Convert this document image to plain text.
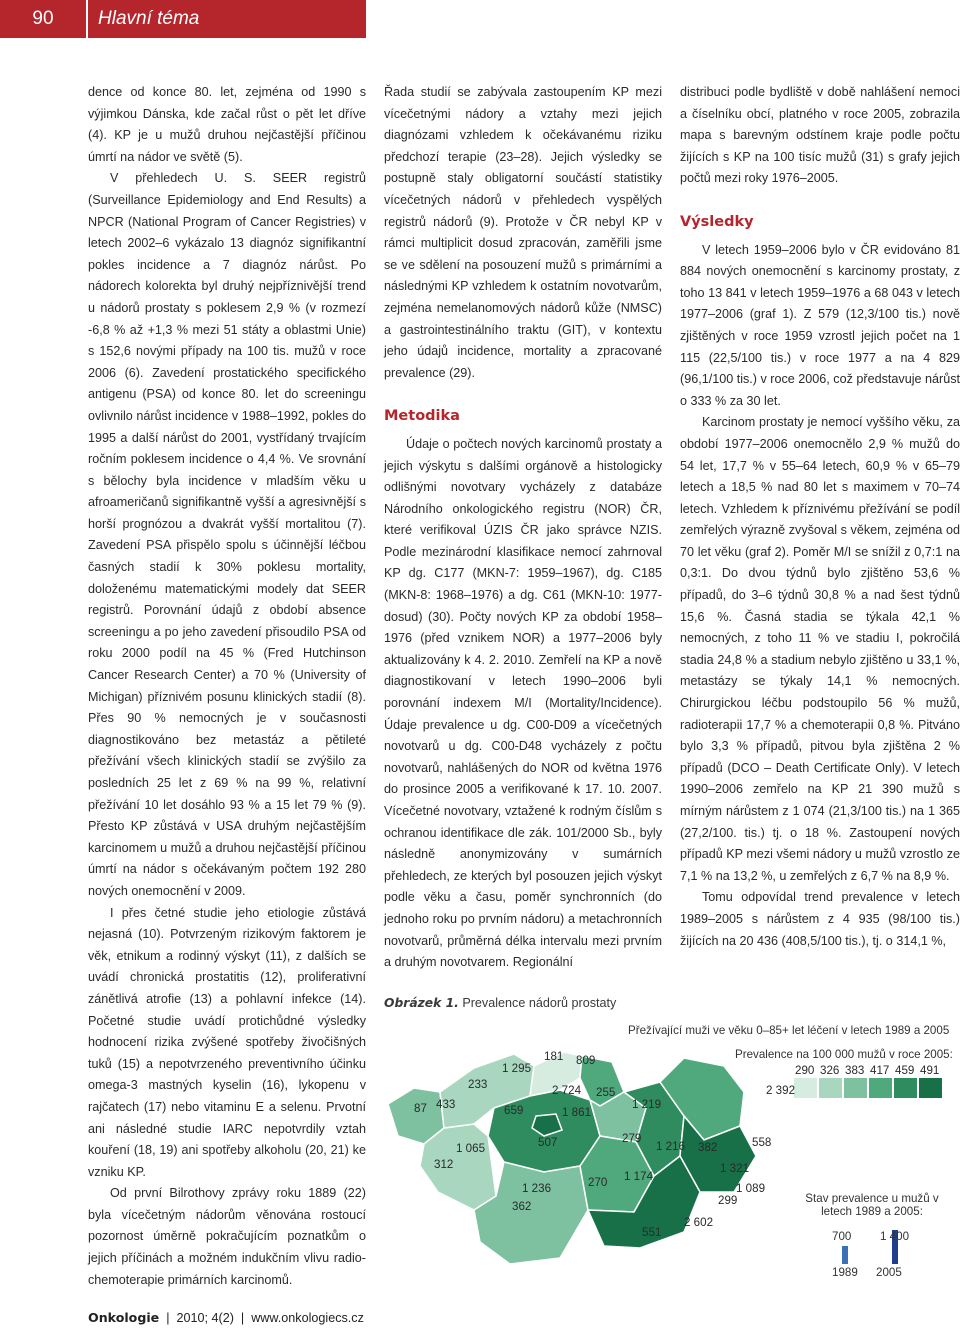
90	Hlavní téma

dence od konce 80. let, zejména od 1990 s výjimkou Dánska, kde začal růst o pět let dříve (4). KP je u mužů druhou nejčastější příčinou úmrtí na nádor ve světě (5).

V přehledech U. S. SEER registrů (Surveillance Epidemiology and End Results) a NPCR (National Program of Cancer Registries) v letech 2002–6 vykázalo 13 diagnóz signifikantní pokles incidence a 7 diagnóz nárůst. Po nádorech kolorekta byl druhý nejpříznivější trend u nádorů prostaty s poklesem 2,9 % (v rozmezí -6,8 % až +1,3 % mezi 51 státy a oblastmi Unie) s 152,6 novými případy na 100 tis. mužů v roce 2006 (6). Zavedení prostatického specifického antigenu (PSA) od konce 80. let do screeningu ovlivnilo nárůst incidence v 1988–1992, pokles do 1995 a další nárůst do 2001, vystřídaný trvajícím ročním poklesem incidence o 4,4 %. Ve srovnání s bělochy byla incidence v mladším věku u afroameričanů signifikantně vyšší a agresivnější s horší prognózou a dvakrát vyšší mortalitou (7). Zavedení PSA přispělo spolu s účinnější léčbou časných stadií k 30% poklesu mortality, doloženému matematickými modely dat SEER registrů. Porovnání údajů z období absence screeningu a po jeho zavedení přisoudilo PSA od roku 2000 podíl na 45 % (Fred Hutchinson Cancer Research Center) a 70 % (University of Michigan) příznivém posunu klinických stadií (8). Přes 90 % nemocných je v současnosti diagnostikováno bez metastáz a pětileté přežívání všech klinických stadií se zvýšilo za posledních 25 let z 69 % na 99 %, relativní přežívání 10 let dosáhlo 93 % a 15 let 79 % (9). Přesto KP zůstává v USA druhým nejčastějším karcinomem u mužů a druhou nejčastější příčinou úmrtí na nádor s očekávaným počtem 192 280 nových onemocnění v 2009.

I přes četné studie jeho etiologie zůstává nejasná (10). Potvrzeným rizikovým faktorem je věk, etnikum a rodinný výskyt (11), z dalších se uvádí chronická prostatitis (12), proliferativní zánětlivá atrofie (13) a pohlavní infekce (14). Početné studie uvádí protichůdné výsledky hodnocení rizika zvýšené spotřeby živočišných tuků (15) a nepotvrzeného preventivního účinku omega-3 mastných kyselin (16), lykopenu v rajčatech (17) nebo vitaminu E a selenu. Prvotní ani následné studie IARC nepotvrdily vztah kouření (18, 19) ani spotřeby alkoholu (20, 21) ke vzniku KP.

Od první Bilrothovy zprávy roku 1889 (22) byla vícečetným nádorům věnována rostoucí pozornost úměrně pokračujícím poznatkům o jejich příčinách a možném indukčním vlivu radio-chemoterapie primárních karcinomů.

Řada studií se zabývala zastoupením KP mezi vícečetnými nádory a vztahy mezi jejich diagnózami vzhledem k očekávanému riziku předchozí terapie (23–28). Jejich výsledky se postupně staly obligatorní součástí statistiky vícečetných nádorů v přehledech vyspělých registrů nádorů (9). Protože v ČR nebyl KP v rámci multiplicit dosud zpracován, zaměřili jsme se ve sdělení na posouzení mužů s primárními a následnými KP vzhledem k ostatním novotvarům, zejména nemelanomových nádorů kůže (NMSC) a gastrointestinálního traktu (GIT), v kontextu jeho údajů incidence, mortality a zpracované prevalence (29).

Metodika

Údaje o počtech nových karcinomů prostaty a jejich výskytu s dalšími orgánově a histologicky odlišnými novotvary vycházely z databáze Národního onkologického registru (NOR) ČR, které verifikoval ÚZIS ČR jako správce NZIS. Podle mezinárodní klasifikace nemocí zahrnoval KP dg. C177 (MKN-7: 1959–1967), dg. C185 (MKN-8: 1968–1976) a dg. C61 (MKN-10: 1977-dosud) (30). Počty nových KP za období 1958–1976 (před vznikem NOR) a 1977–2006 byly aktualizovány k 4. 2. 2010. Zemřelí na KP a nově diagnostikovaní v letech 1990–2006 byli porovnání indexem M/I (Mortality/Incidence). Údaje prevalence u dg. C00-D09 a vícečetných novotvarů u dg. C00-D48 vycházely z počtu novotvarů, nahlášených do NOR od května 1976 do prosince 2005 a verifikované k 17. 10. 2007. Vícečetné novotvary, vztažené k rodným číslům s ochranou identifikace dle zák. 101/2000 Sb., byly následně anonymizovány v sumárních přehledech, ze kterých byl posouzen jejich výskyt podle věku a času, poměr synchronních (do jednoho roku po prvním nádoru) a metachronních novotvarů, průměrná délka intervalu mezi prvním a druhým novotvarem. Regionální

distribuci podle bydliště v době nahlášení nemoci a číselníku obcí, platného v roce 2005, zobrazila mapa s barevným odstínem kraje podle počtu žijících s KP na 100 tisíc mužů (31) s grafy jejich počtů mezi roky 1976–2005.

Výsledky

V letech 1959–2006 bylo v ČR evidováno 81 884 nových onemocnění s karcinomy prostaty, z toho 13 841 v letech 1959–1976 a 68 043 v letech 1977–2006 (graf 1). Z 579 (12,3/100 tis.) nově zjištěných v roce 1959 vzrostl jejich počet na 1 115 (22,5/100 tis.) v roce 1977 a na 4 829 (96,1/100 tis.) v roce 2006, což představuje nárůst o 333 % za 30 let.

Karcinom prostaty je nemocí vyššího věku, za období 1977–2006 onemocnělo 2,9 % mužů do 54 let, 17,7 % v 55–64 letech, 60,9 % v 65–79 letech a 18,5 % nad 80 let s maximem v 70–74 letech. Vzhledem k příznivému přežívání se podíl zemřelých výrazně zvyšoval s věkem, zejména od 70 let věku (graf 2). Poměr M/I se snížil z 0,7:1 na 0,3:1. Do dvou týdnů bylo zjištěno 53,6 % případů, do 3–6 týdnů 30,8 % a nad šest týdnů 15,6 %. Časná stadia se týkala 42,1 % nemocných, z toho 11 % ve stadiu I, pokročilá stadia 24,8 % a stadium nebylo zjištěno u 33,1 %, metastázy se týkaly 14,1 % nemocných. Chirurgickou léčbu podstoupilo 56 % mužů, radioterapii 17,7 % a chemoterapii 0,8 %. Pitváno bylo 3,3 % případů, pitvou byla zjištěna 2 % případů (DCO – Death Certificate Only). V letech 1990–2006 zemřelo na KP 21 390 mužů s mírným nárůstem z 1 074 (21,3/100 tis.) na 1 365 (27,2/100. tis.) tj. o 18 %. Zastoupení nových případů KP mezi všemi nádory u mužů vzrostlo ze 7,1 % na 13,2 %, u zemřelých z 6,7 % na 8,9 %.

Tomu odpovídal trend prevalence v letech 1989–2005 s nárůstem z 4 935 (98/100 tis.) žijících na 20 436 (408,5/100 tis.), tj. o 314,1 %,

Obrázek 1. Prevalence nádorů prostaty
Přežívající muži ve věku 0–85+ let léčení v letech 1989 a 2005
Prevalence na 100 000 mužů v roce 2005:
290 326 383 417 459 491
87 433
233
1 295
181 809
2 724 255
659	1 861
1 219
1 065
312
507	279
1 216 382	558
1 321
1 174
270
1 236
362
1 089
299
2 602
551
2 392
Stav prevalence u mužů v letech 1989 a 2005:
700 1 400
1989 2005
Onkologie  |  2010; 4(2)  |  www.onkologiecs.cz
